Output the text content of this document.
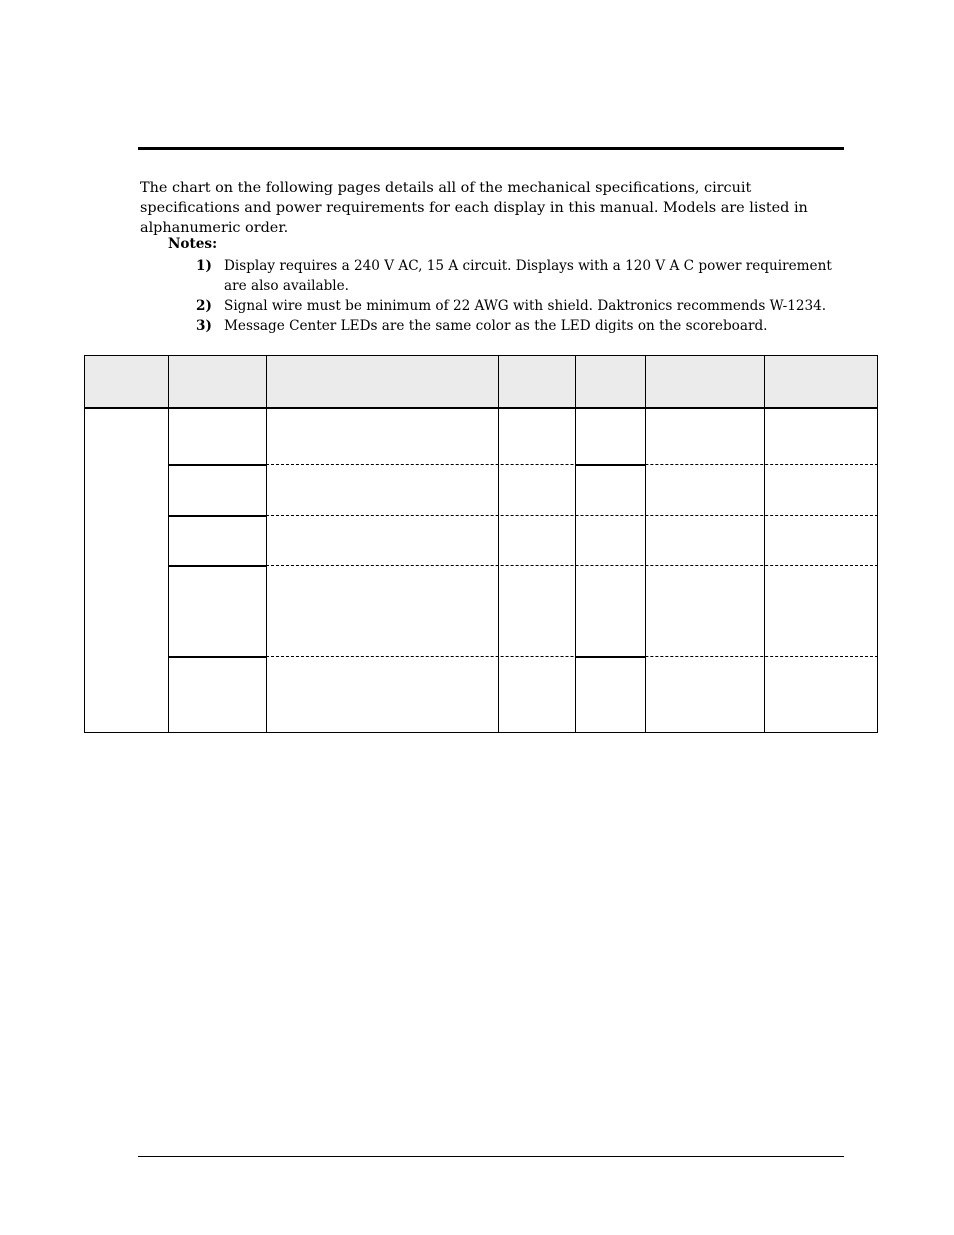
The chart on the following pages details all of the mechanical specifications, circuit specifications and power requirements for each display in this manual. Models are listed in alphanumeric order.

Notes:

1) Display requires a 240 V AC, 15 A circuit. Displays with a 120 V A C power requirement are also available.
2) Signal wire must be minimum of 22 AWG with shield. Daktronics recommends W-1234.
3) Message Center LEDs are the same color as the LED digits on the scoreboard.
